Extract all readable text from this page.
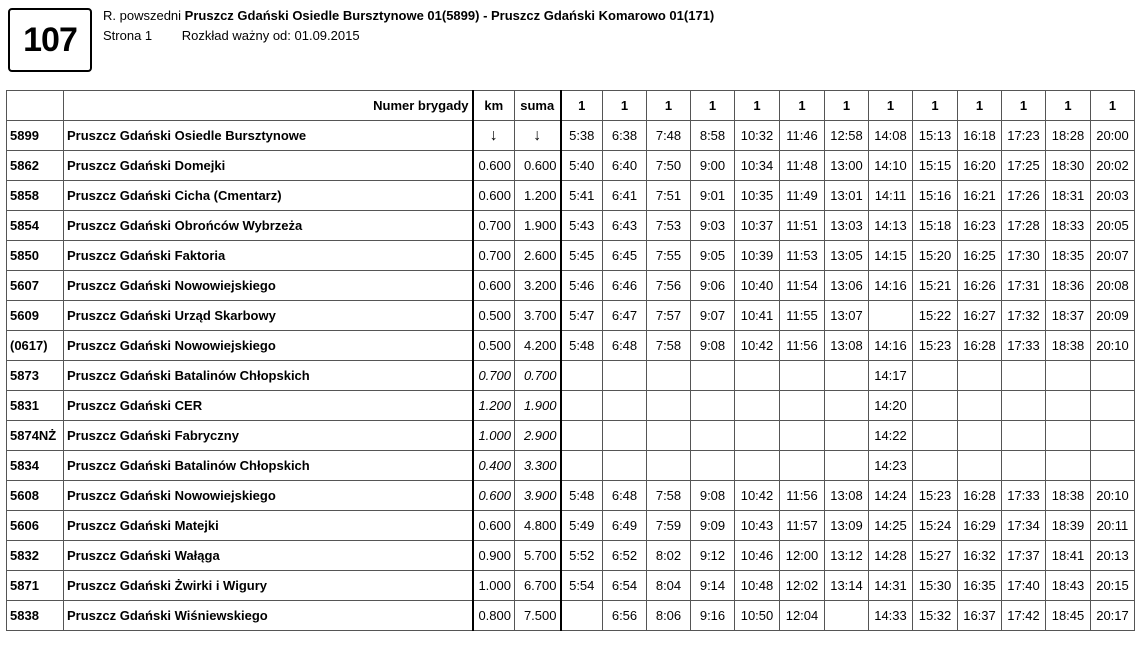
107
R. powszedni Pruszcz Gdański Osiedle Bursztynowe 01(5899) - Pruszcz Gdański Komarowo 01(171)
Strona 1 Rozkład ważny od: 01.09.2015
	Numer brygady	km	suma	1	1	1	1	1	1	1	1	1	1	1	1	1
5899	Pruszcz Gdański Osiedle Bursztynowe	↓	↓	5:38	6:38	7:48	8:58	10:32	11:46	12:58	14:08	15:13	16:18	17:23	18:28	20:00
5862	Pruszcz Gdański Domejki	0.600	0.600	5:40	6:40	7:50	9:00	10:34	11:48	13:00	14:10	15:15	16:20	17:25	18:30	20:02
5858	Pruszcz Gdański Cicha (Cmentarz)	0.600	1.200	5:41	6:41	7:51	9:01	10:35	11:49	13:01	14:11	15:16	16:21	17:26	18:31	20:03
5854	Pruszcz Gdański Obrońców Wybrzeża	0.700	1.900	5:43	6:43	7:53	9:03	10:37	11:51	13:03	14:13	15:18	16:23	17:28	18:33	20:05
5850	Pruszcz Gdański Faktoria	0.700	2.600	5:45	6:45	7:55	9:05	10:39	11:53	13:05	14:15	15:20	16:25	17:30	18:35	20:07
5607	Pruszcz Gdański Nowowiejskiego	0.600	3.200	5:46	6:46	7:56	9:06	10:40	11:54	13:06	14:16	15:21	16:26	17:31	18:36	20:08
5609	Pruszcz Gdański Urząd Skarbowy	0.500	3.700	5:47	6:47	7:57	9:07	10:41	11:55	13:07		15:22	16:27	17:32	18:37	20:09
(0617)	Pruszcz Gdański Nowowiejskiego	0.500	4.200	5:48	6:48	7:58	9:08	10:42	11:56	13:08	14:16	15:23	16:28	17:33	18:38	20:10
5873	Pruszcz Gdański Batalinów Chłopskich	0.700	0.700								14:17					
5831	Pruszcz Gdański CER	1.200	1.900								14:20					
5874NŻ	Pruszcz Gdański Fabryczny	1.000	2.900								14:22					
5834	Pruszcz Gdański Batalinów Chłopskich	0.400	3.300								14:23					
5608	Pruszcz Gdański Nowowiejskiego	0.600	3.900	5:48	6:48	7:58	9:08	10:42	11:56	13:08	14:24	15:23	16:28	17:33	18:38	20:10
5606	Pruszcz Gdański Matejki	0.600	4.800	5:49	6:49	7:59	9:09	10:43	11:57	13:09	14:25	15:24	16:29	17:34	18:39	20:11
5832	Pruszcz Gdański Wałąga	0.900	5.700	5:52	6:52	8:02	9:12	10:46	12:00	13:12	14:28	15:27	16:32	17:37	18:41	20:13
5871	Pruszcz Gdański Żwirki i Wigury	1.000	6.700	5:54	6:54	8:04	9:14	10:48	12:02	13:14	14:31	15:30	16:35	17:40	18:43	20:15
5838	Pruszcz Gdański Wiśniewskiego	0.800	7.500		6:56	8:06	9:16	10:50	12:04		14:33	15:32	16:37	17:42	18:45	20:17
